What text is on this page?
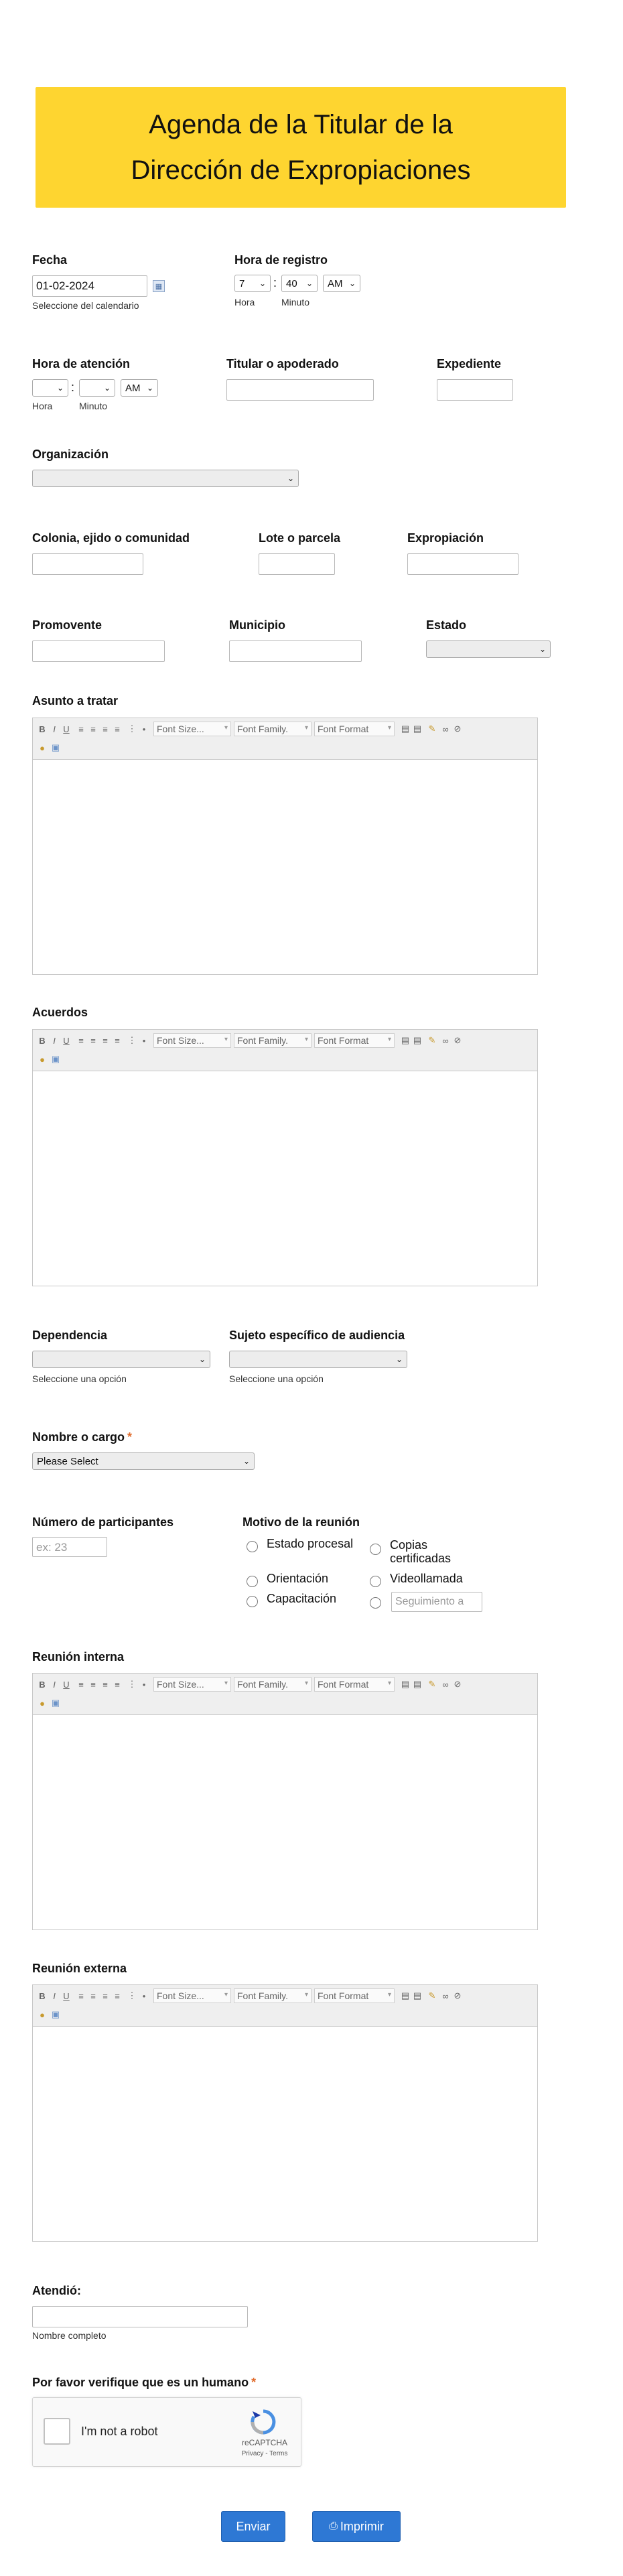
Agenda de la Titular de la
Dirección de Expropiaciones
Fecha
01-02-2024	▦
Seleccione del calendario
Hora de registro
7 ⌄ : 40 ⌄ AM ⌄
Hora	Minuto
Hora de atención
⌄ :	⌄ AM ⌄
Hora	Minuto
Titular o apoderado	Expediente
Organización
⌄
Colonia, ejido o comunidad	Lote o parcela	Expropiación
Promovente	Municipio	Estado
⌄
Asunto a tratar
B I U	≡ ≡ ≡ ≡ ⋮ •	Font Size...	▾	Font Family. ▾	Font Format	▾ ▤ ▤ ✎ ∞ ⊘
● ▣
Acuerdos
B I U	≡ ≡ ≡ ≡ ⋮ •	Font Size...	▾	Font Family. ▾	Font Format	▾ ▤ ▤ ✎ ∞ ⊘
● ▣
Dependencia
⌄
Seleccione una opción
Sujeto específico de audiencia
⌄
Seleccione una opción
Nombre o cargo *
Please Select	⌄
Número de participantes
ex: 23
Motivo de la reunión
Estado procesal	Copias certificadas
Orientación	Videollamada
Capacitación	Seguimiento a
Reunión interna
B I U	≡ ≡ ≡ ≡ ⋮ •	Font Size...	▾	Font Family. ▾	Font Format	▾ ▤ ▤ ✎ ∞ ⊘
● ▣
Reunión externa
B I U	≡ ≡ ≡ ≡ ⋮ •	Font Size...	▾	Font Family. ▾	Font Format	▾ ▤ ▤ ✎ ∞ ⊘
● ▣
Atendió:
Nombre completo
Por favor verifique que es un humano *
I'm not a robot
reCAPTCHA
Privacy - Terms
Enviar	⎙ Imprimir
